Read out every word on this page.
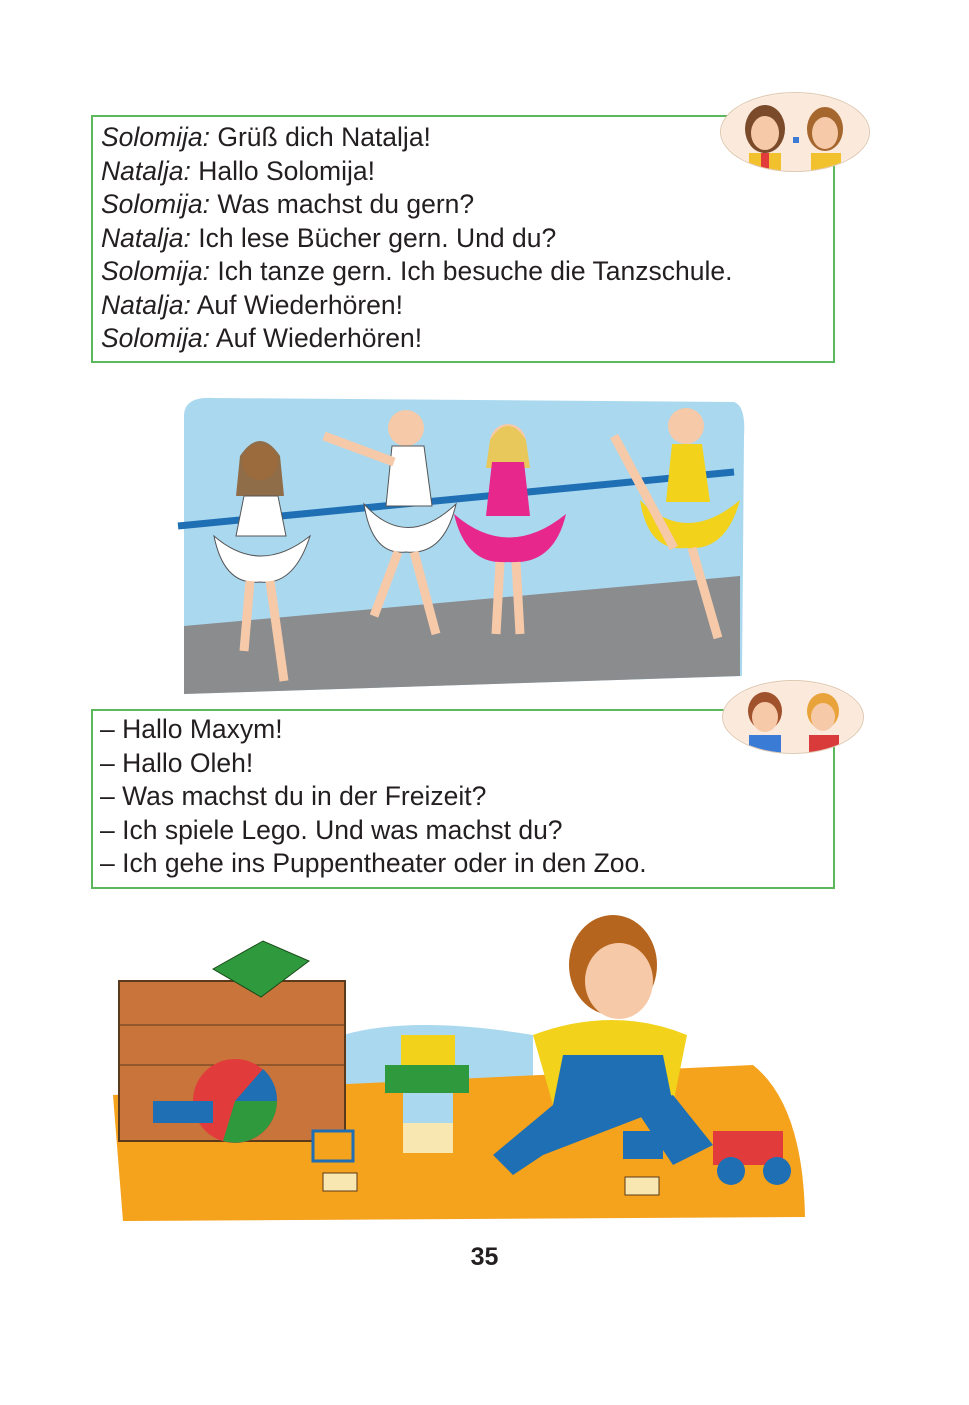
Solomija: Grüß dich Natalja!
Natalja: Hallo Solomija!
Solomija: Was machst du gern?
Natalja: Ich lese Bücher gern. Und du?
Solomija: Ich tanze gern. Ich besuche die Tanzschule.
Natalja: Auf Wiederhören!
Solomija: Auf Wiederhören!
– Hallo Maxym!
– Hallo Oleh!
– Was machst du in der Freizeit?
– Ich spiele Lego. Und was machst du?
– Ich gehe ins Puppentheater oder in den Zoo.
35
